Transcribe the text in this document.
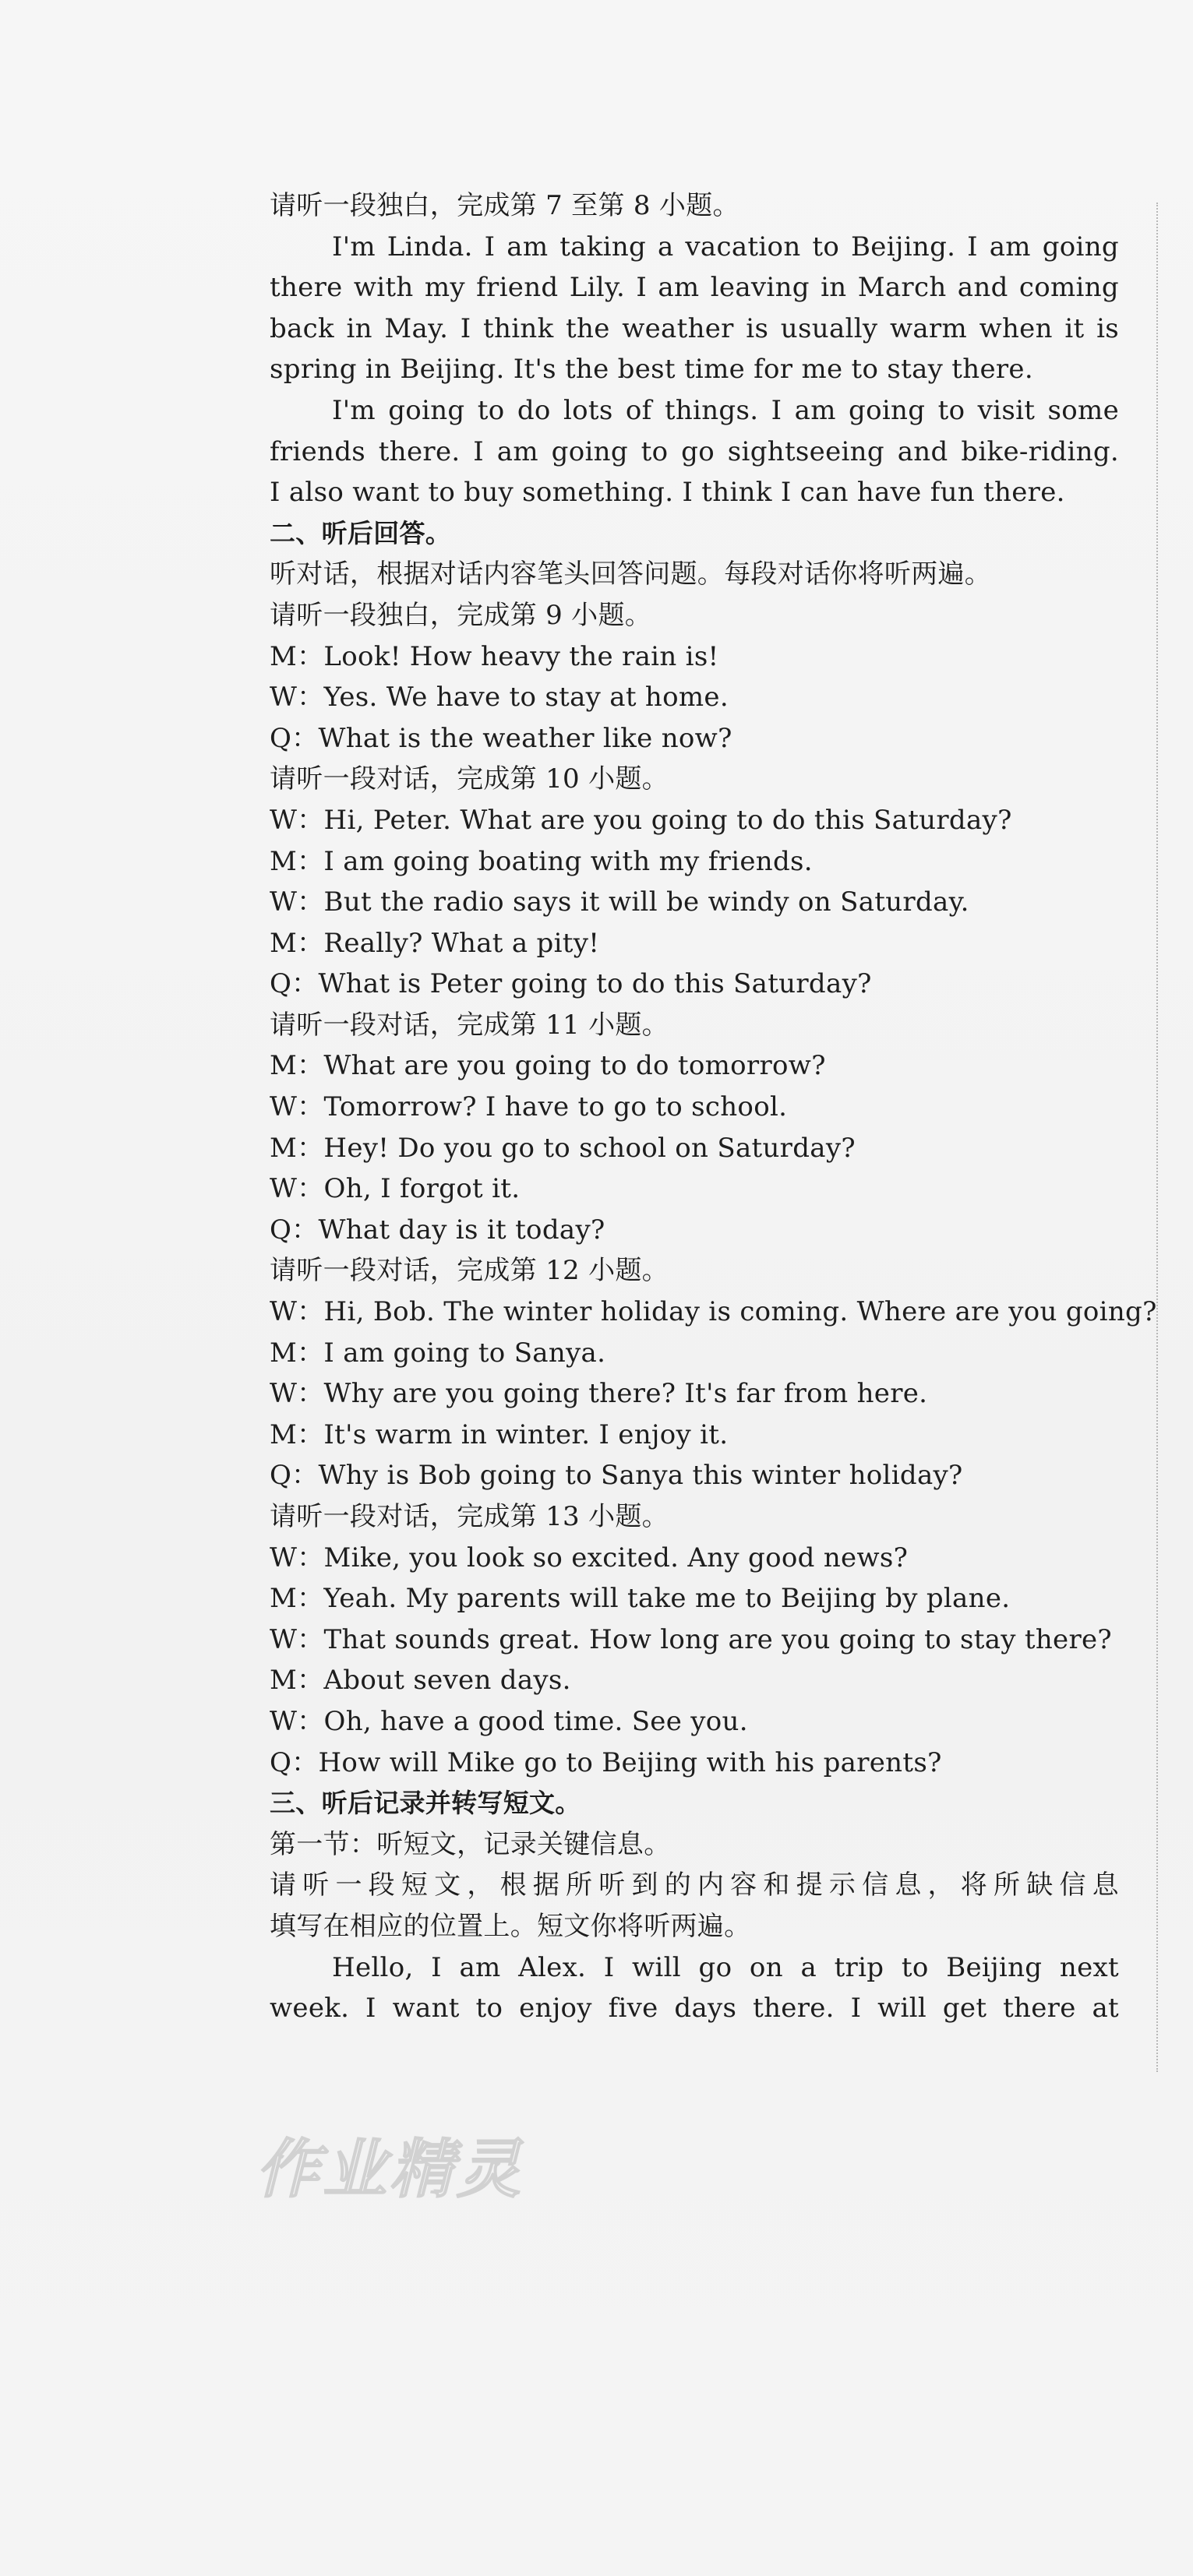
请听一段独白，完成第 7 至第 8 小题。
I'm Linda. I am taking a vacation to Beijing. I am going
there with my friend Lily. I am leaving in March and coming
back in May. I think the weather is usually warm when it is
spring in Beijing. It's the best time for me to stay there.
I'm going to do lots of things. I am going to visit some
friends there. I am going to go sightseeing and bike-riding.
I also want to buy something. I think I can have fun there.
二、听后回答。
听对话，根据对话内容笔头回答问题。每段对话你将听两遍。
请听一段独白，完成第 9 小题。
M：Look! How heavy the rain is!
W：Yes. We have to stay at home.
Q：What is the weather like now?
请听一段对话，完成第 10 小题。
W：Hi, Peter. What are you going to do this Saturday?
M：I am going boating with my friends.
W：But the radio says it will be windy on Saturday.
M：Really? What a pity!
Q：What is Peter going to do this Saturday?
请听一段对话，完成第 11 小题。
M：What are you going to do tomorrow?
W：Tomorrow? I have to go to school.
M：Hey! Do you go to school on Saturday?
W：Oh, I forgot it.
Q：What day is it today?
请听一段对话，完成第 12 小题。
W：Hi, Bob. The winter holiday is coming. Where are you going?
M：I am going to Sanya.
W：Why are you going there? It's far from here.
M：It's warm in winter. I enjoy it.
Q：Why is Bob going to Sanya this winter holiday?
请听一段对话，完成第 13 小题。
W：Mike, you look so excited. Any good news?
M：Yeah. My parents will take me to Beijing by plane.
W：That sounds great. How long are you going to stay there?
M：About seven days.
W：Oh, have a good time. See you.
Q：How will Mike go to Beijing with his parents?
三、听后记录并转写短文。
第一节：听短文，记录关键信息。
请听一段短文，根据所听到的内容和提示信息，将所缺信息
填写在相应的位置上。短文你将听两遍。
Hello, I am Alex. I will go on a trip to Beijing next
week. I want to enjoy five days there. I will get there at
作业精灵
